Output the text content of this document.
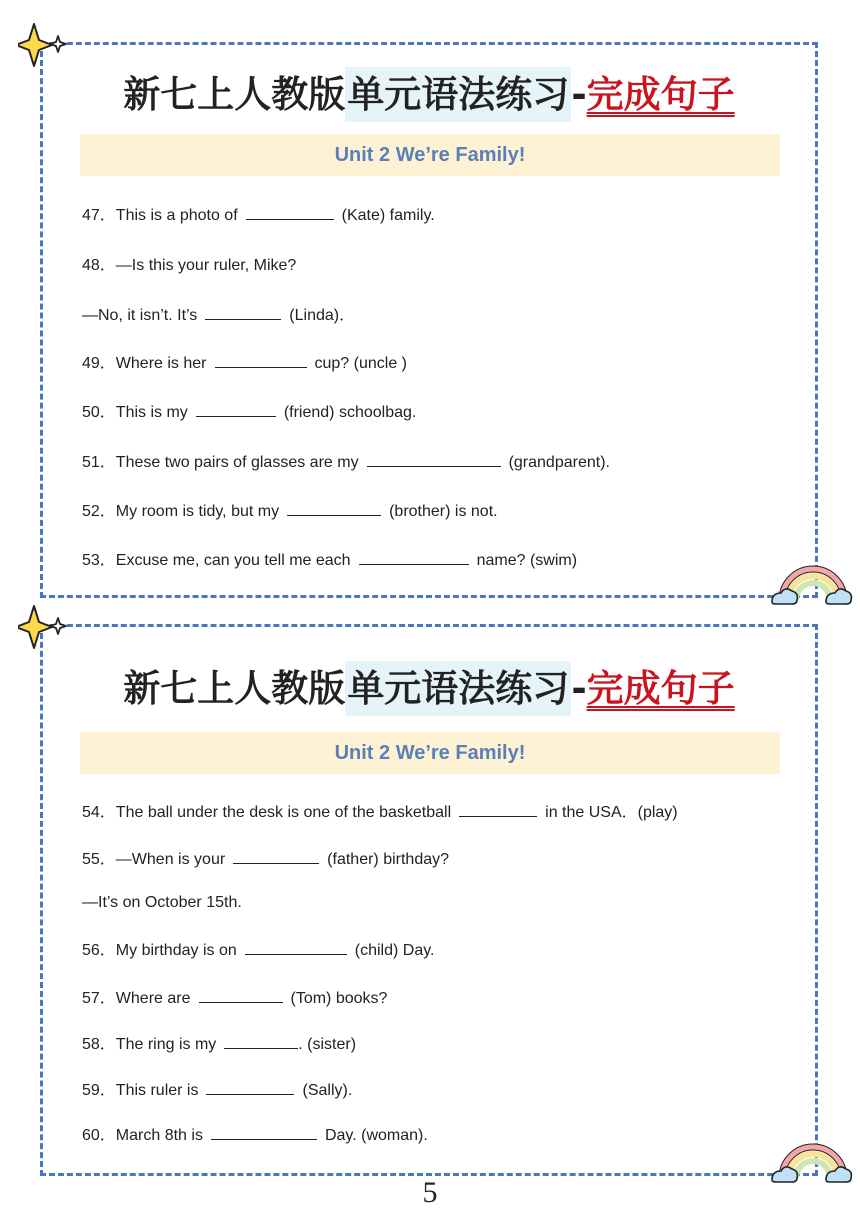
新七上人教版单元语法练习-完成句子
Unit 2 We’re Family!
47．This is a photo of	(Kate) family.
48．—Is this your ruler, Mike?
—No, it isn’t. It’s	(Linda)．
49．Where is her	cup? (uncle )
50．This is my	(friend) schoolbag.
51．These two pairs of glasses are my	(grandparent).
52．My room is tidy, but my	(brother) is not.
53．Excuse me, can you tell me each	name? (swim)
新七上人教版单元语法练习-完成句子
Unit 2 We’re Family!
54．The ball under the desk is one of the basketball	in the USA．(play)
55．—When is your	(father) birthday?
—It’s on October 15th.
56．My birthday is on	(child) Day.
57．Where are	(Tom) books?
58．The ring is my	. (sister)
59．This ruler is	(Sally).
60．March 8th is	Day. (woman).
5
